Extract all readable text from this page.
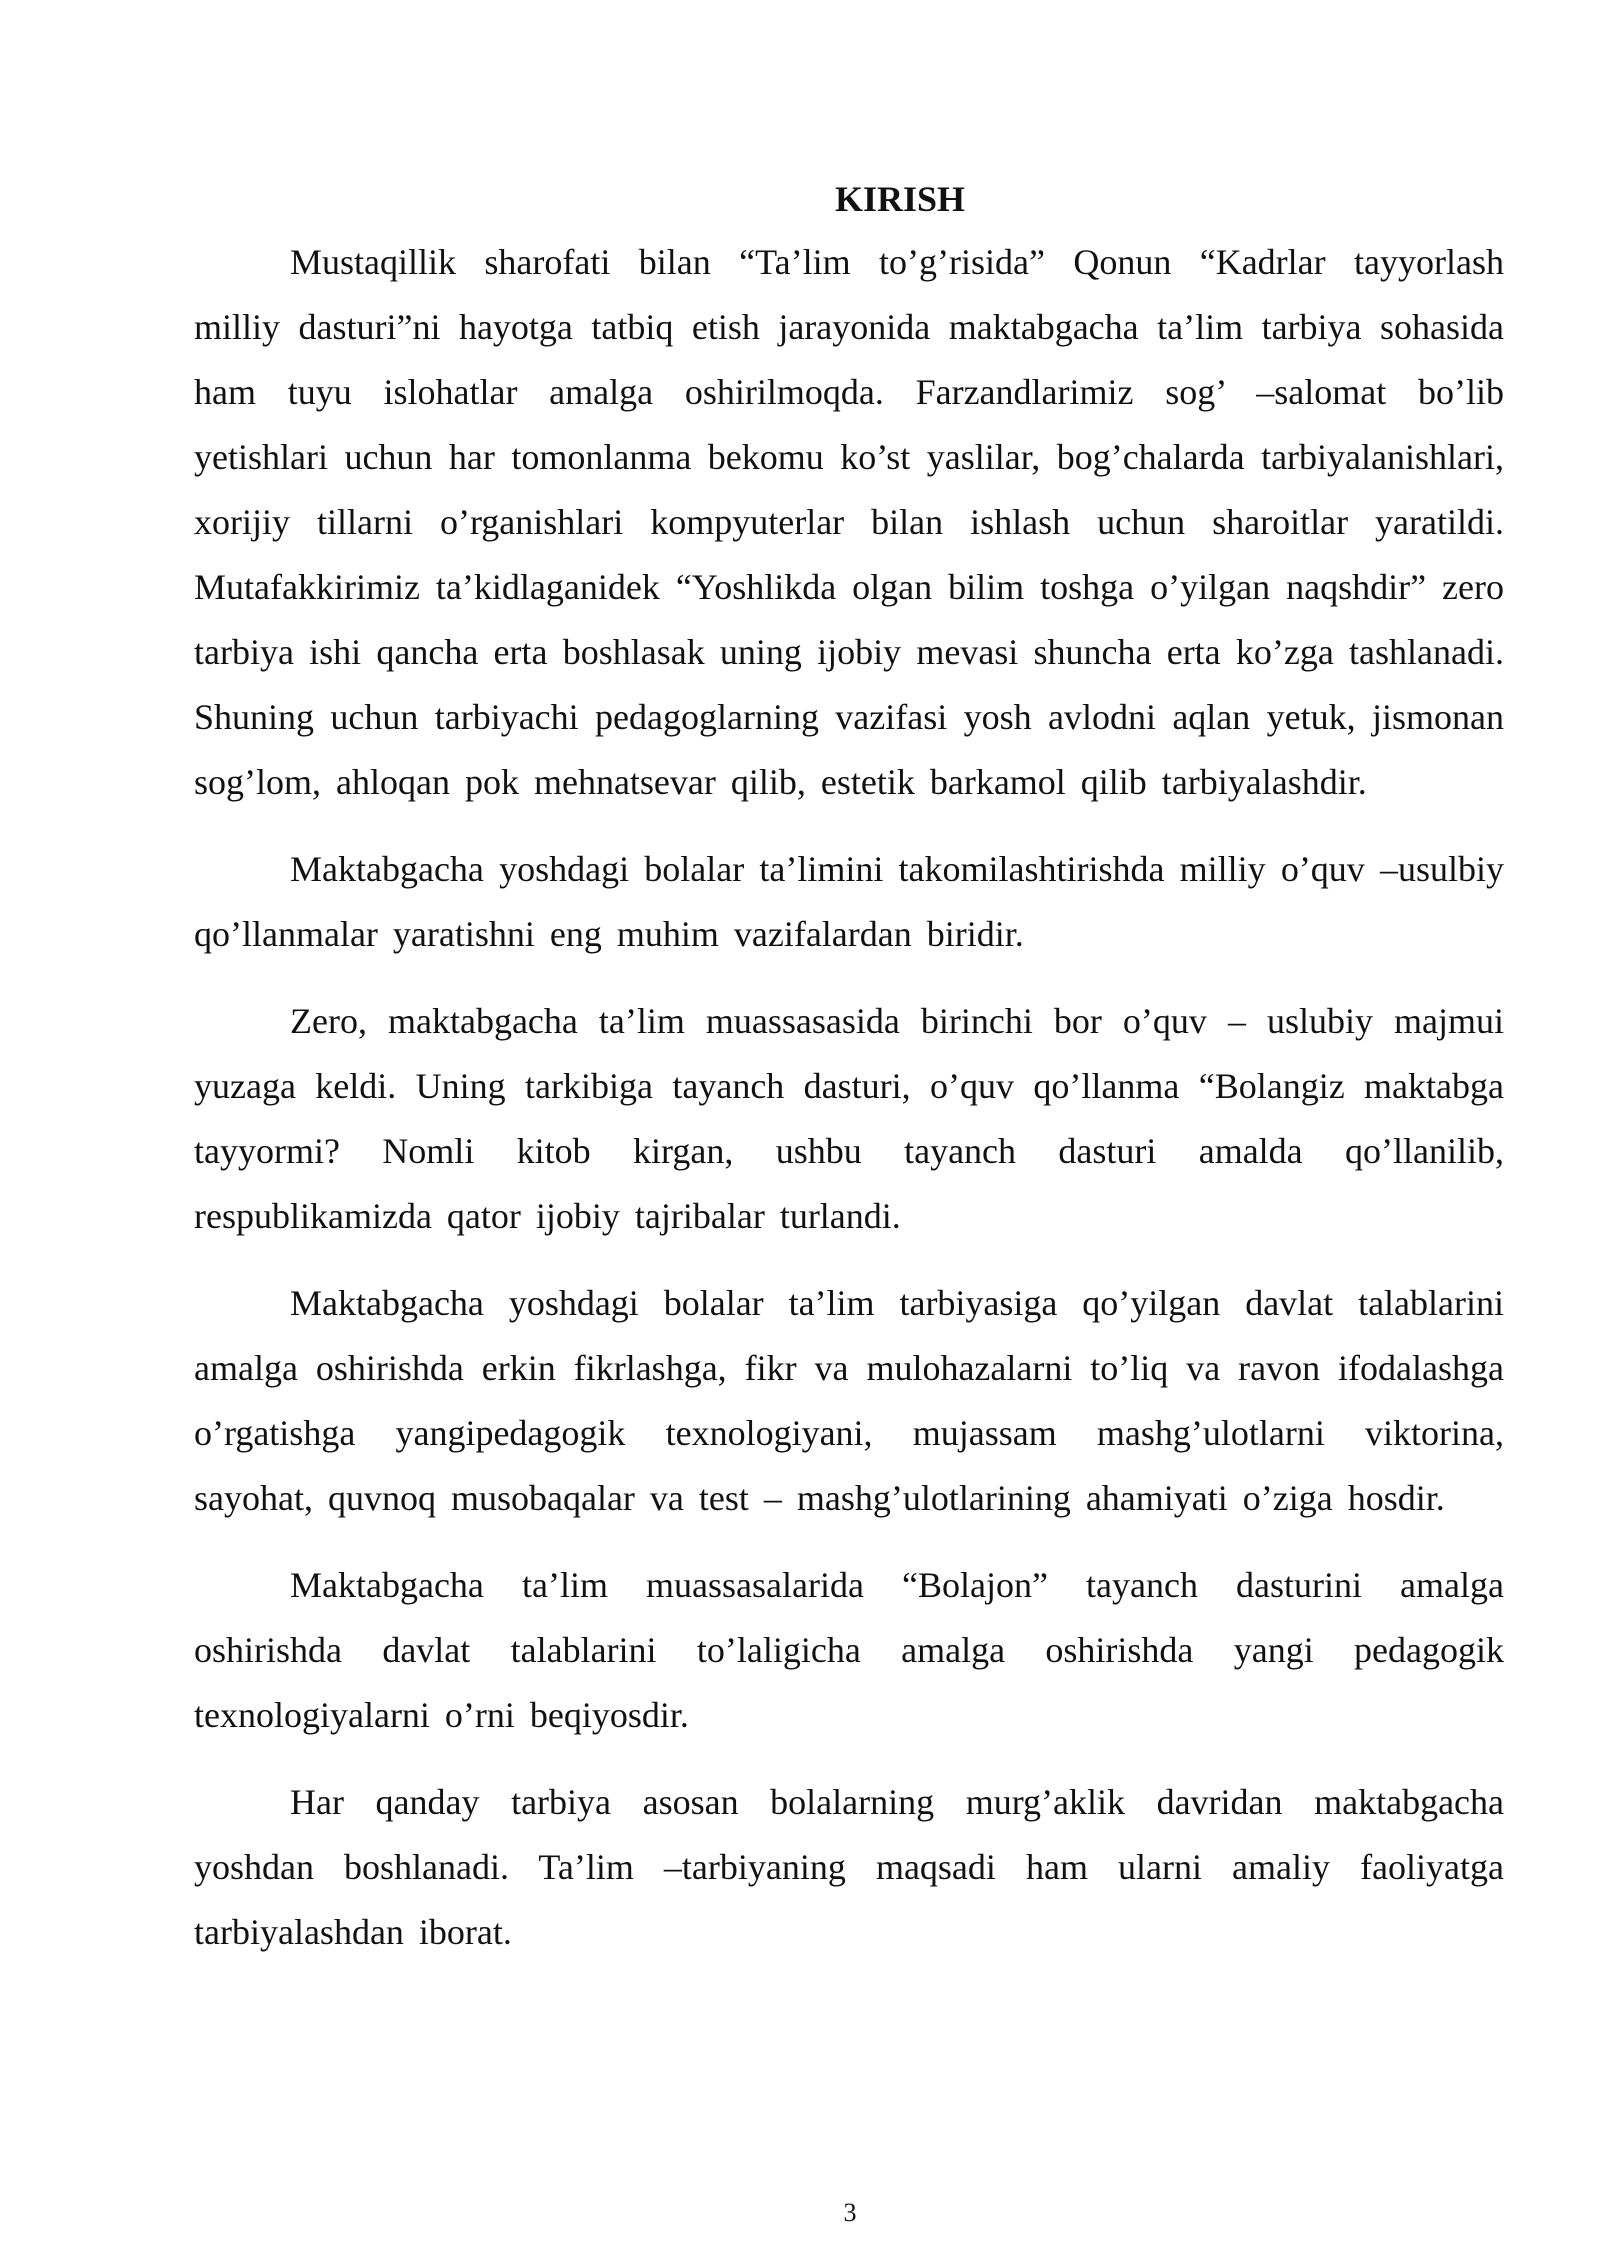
KIRISH

Mustaqillik sharofati bilan “Ta’lim to’g’risida” Qonun “Kadrlar tayyorlash milliy dasturi”ni hayotga tatbiq etish jarayonida maktabgacha ta’lim tarbiya sohasida ham tuyu islohatlar amalga oshirilmoqda. Farzandlarimiz sog’ –salomat bo’lib yetishlari uchun har tomonlanma bekomu ko’st yaslilar, bog’chalarda tarbiyalanishlari, xorijiy tillarni o’rganishlari kompyuterlar bilan ishlash uchun sharoitlar yaratildi. Mutafakkirimiz ta’kidlaganidek “Yoshlikda olgan bilim toshga o’yilgan naqshdir” zero tarbiya ishi qancha erta boshlasak uning ijobiy mevasi shuncha erta ko’zga tashlanadi. Shuning uchun tarbiyachi pedagoglarning vazifasi yosh avlodni aqlan yetuk, jismonan sog’lom, ahloqan pok mehnatsevar qilib, estetik barkamol qilib tarbiyalashdir.

Maktabgacha yoshdagi bolalar ta’limini takomilashtirishda milliy o’quv –usulbiy qo’llanmalar yaratishni eng muhim vazifalardan biridir.

Zero, maktabgacha ta’lim muassasasida birinchi bor o’quv – uslubiy majmui yuzaga keldi. Uning tarkibiga tayanch dasturi, o’quv qo’llanma “Bolangiz maktabga tayyormi? Nomli kitob kirgan, ushbu tayanch dasturi amalda qo’llanilib, respublikamizda qator ijobiy tajribalar turlandi.

Maktabgacha yoshdagi bolalar ta’lim tarbiyasiga qo’yilgan davlat talablarini amalga oshirishda erkin fikrlashga, fikr va mulohazalarni to’liq va ravon ifodalashga o’rgatishga yangipedagogik texnologiyani, mujassam mashg’ulotlarni viktorina, sayohat, quvnoq musobaqalar va test – mashg’ulotlarining ahamiyati o’ziga hosdir.

Maktabgacha ta’lim muassasalarida “Bolajon” tayanch dasturini amalga oshirishda davlat talablarini to’laligicha amalga oshirishda yangi pedagogik texnologiyalarni o’rni beqiyosdir.

Har qanday tarbiya asosan bolalarning murg’aklik davridan maktabgacha yoshdan boshlanadi. Ta’lim –tarbiyaning maqsadi ham ularni amaliy faoliyatga tarbiyalashdan iborat.

3
